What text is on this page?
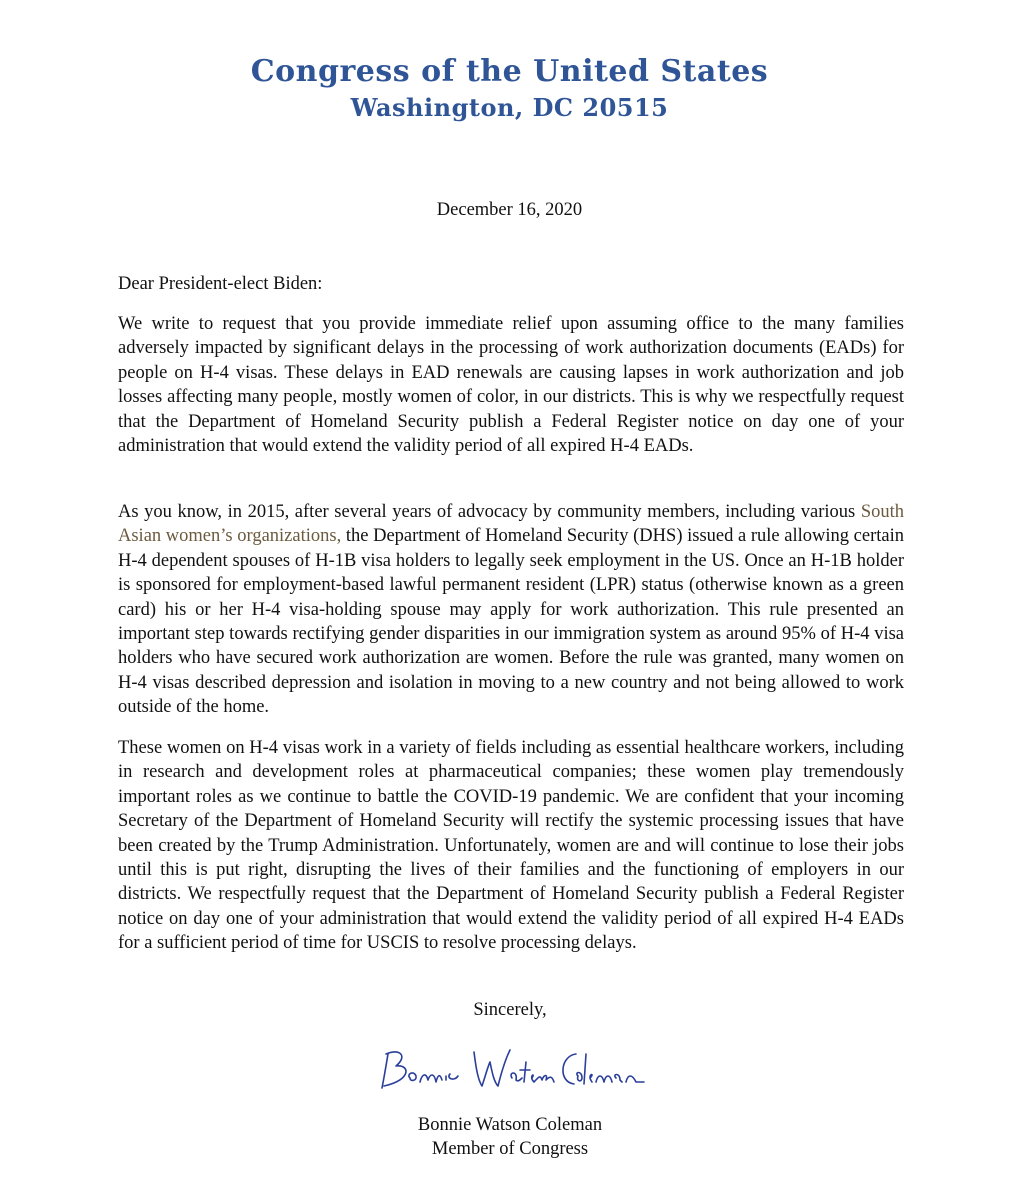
Congress of the United States
Washington, DC 20515
December 16, 2020
Dear President-elect Biden:

We write to request that you provide immediate relief upon assuming office to the many families adversely impacted by significant delays in the processing of work authorization documents (EADs) for people on H-4 visas. These delays in EAD renewals are causing lapses in work authorization and job losses affecting many people, mostly women of color, in our districts. This is why we respectfully request that the Department of Homeland Security publish a Federal Register notice on day one of your administration that would extend the validity period of all expired H-4 EADs.

As you know, in 2015, after several years of advocacy by community members, including various South Asian women’s organizations, the Department of Homeland Security (DHS) issued a rule allowing certain H-4 dependent spouses of H-1B visa holders to legally seek employment in the US. Once an H-1B holder is sponsored for employment-based lawful permanent resident (LPR) status (otherwise known as a green card) his or her H-4 visa-holding spouse may apply for work authorization. This rule presented an important step towards rectifying gender disparities in our immigration system as around 95% of H-4 visa holders who have secured work authorization are women. Before the rule was granted, many women on H-4 visas described depression and isolation in moving to a new country and not being allowed to work outside of the home.

These women on H-4 visas work in a variety of fields including as essential healthcare workers, including in research and development roles at pharmaceutical companies; these women play tremendously important roles as we continue to battle the COVID-19 pandemic. We are confident that your incoming Secretary of the Department of Homeland Security will rectify the systemic processing issues that have been created by the Trump Administration. Unfortunately, women are and will continue to lose their jobs until this is put right, disrupting the lives of their families and the functioning of employers in our districts. We respectfully request that the Department of Homeland Security publish a Federal Register notice on day one of your administration that would extend the validity period of all expired H-4 EADs for a sufficient period of time for USCIS to resolve processing delays.

Sincerely,
Bonnie Watson Coleman
Member of Congress
